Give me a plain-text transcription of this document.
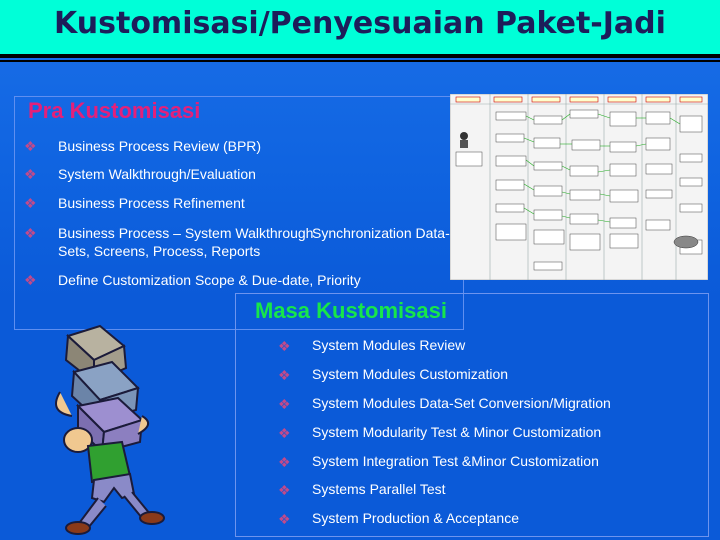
Kustomisasi/Penyesuaian Paket-Jadi
Pra Kustomisasi
❖ Business Process Review (BPR)
❖ System Walkthrough/Evaluation
❖ Business Process Refinement
❖ Business Process – System Walkthrough
Synchronization Data-
Sets, Screens, Process, Reports
❖ Define Customization Scope & Due-date, Priority
Masa Kustomisasi
❖ System Modules Review
❖ System Modules Customization
❖ System Modules Data-Set Conversion/Migration
❖ System Modularity Test & Minor Customization
❖ System Integration Test &Minor Customization
❖ Systems Parallel Test
❖ System Production & Acceptance
